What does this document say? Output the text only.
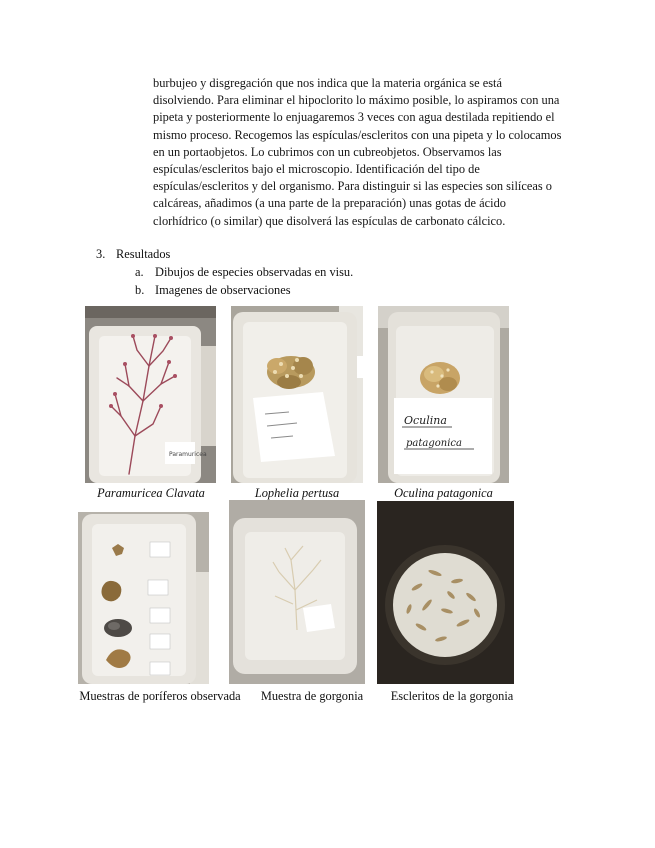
burbujeo y disgregación que nos indica que la materia orgánica se está
disolviendo. Para eliminar el hipoclorito lo máximo posible, lo aspiramos con una
pipeta y posteriormente lo enjuagaremos 3 veces con agua destilada repitiendo el
mismo proceso. Recogemos las espículas/escleritos con una pipeta y lo colocamos
en un portaobjetos. Lo cubrimos con un cubreobjetos. Observamos las
espículas/escleritos bajo el microscopio. Identificación del tipo de
espículas/escleritos y del organismo. Para distinguir si las especies son silíceas o
calcáreas, añadimos (a una parte de la preparación) unas gotas de ácido
clorhídrico (o similar) que disolverá las espículas de carbonato cálcico.

3. Resultados
a. Dibujos de especies observadas en visu.
b. Imagenes de observaciones
Paramuricea
Oculina
patagonica
Paramuricea Clavata	Lophelia pertusa	Oculina patagonica
Muestras de poríferos observada	Muestra de gorgonia	Escleritos de la gorgonia
